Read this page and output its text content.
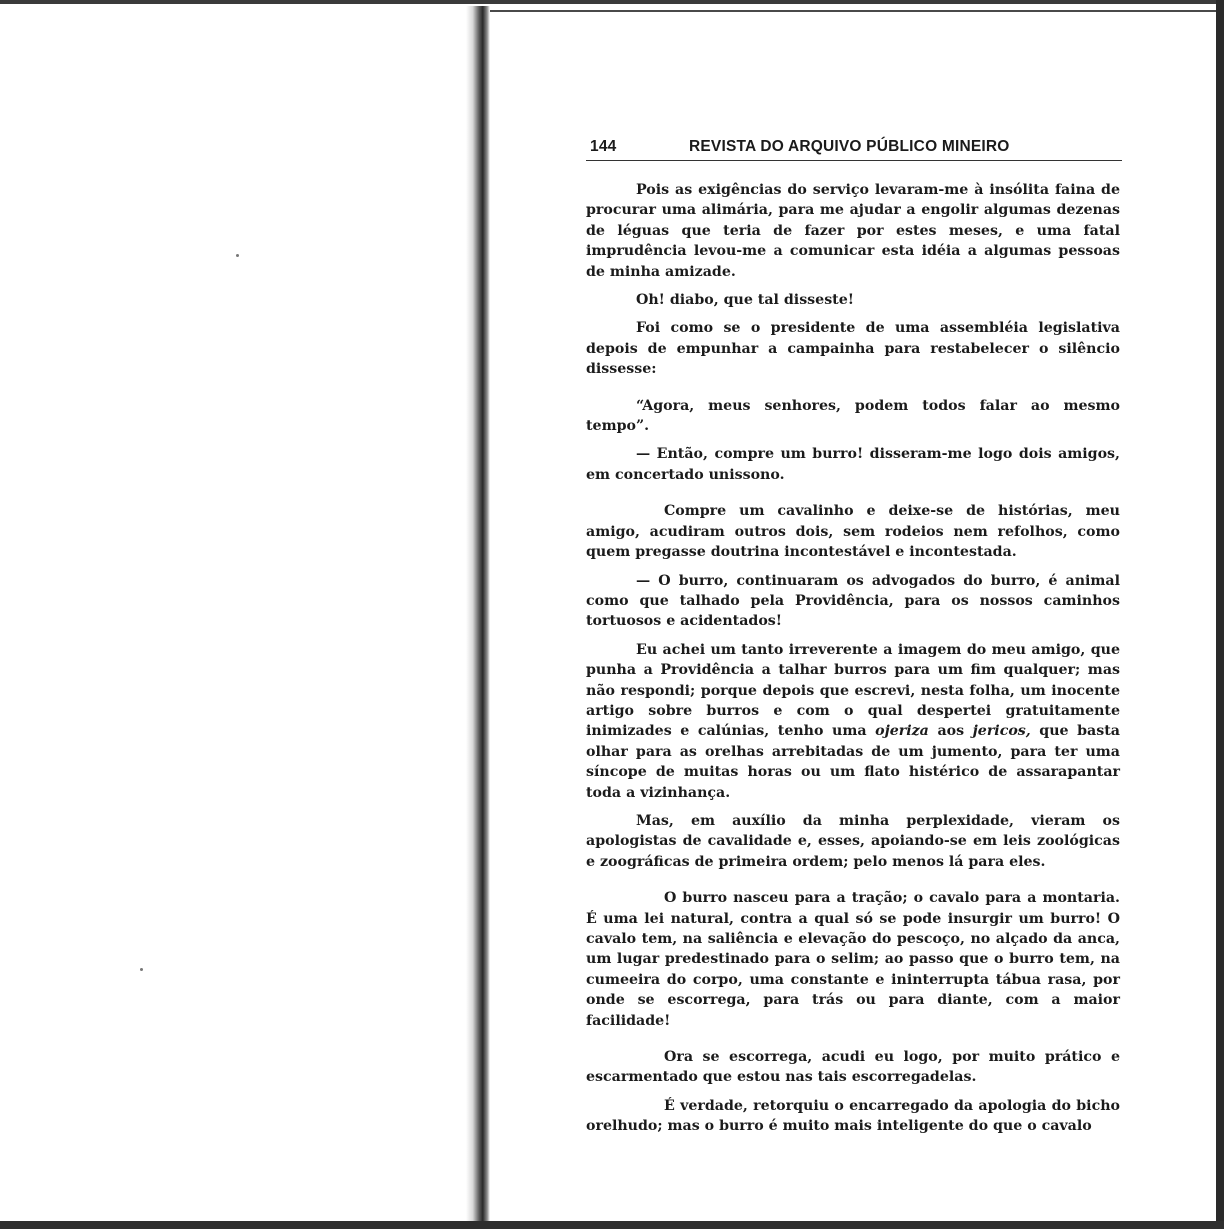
144	REVISTA DO ARQUIVO PÚBLICO MINEIRO

Pois as exigências do serviço levaram-me à insólita faina de procurar uma alimária, para me ajudar a engolir algumas dezenas de léguas que teria de fazer por estes meses, e uma fatal imprudência levou-me a comunicar esta idéia a algumas pessoas de minha amizade.

Oh! diabo, que tal disseste!

Foi como se o presidente de uma assembléia legislativa depois de empunhar a campainha para restabelecer o silêncio dissesse:

“Agora, meus senhores, podem todos falar ao mesmo tempo”.

— Então, compre um burro! disseram-me logo dois amigos, em concertado unissono.

Compre um cavalinho e deixe-se de histórias, meu amigo, acudiram outros dois, sem rodeios nem refolhos, como quem pregasse doutrina incontestável e incontestada.

— O burro, continuaram os advogados do burro, é animal como que talhado pela Providência, para os nossos caminhos tortuosos e acidentados!

Eu achei um tanto irreverente a imagem do meu amigo, que punha a Providência a talhar burros para um fim qualquer; mas não respondi; porque depois que escrevi, nesta folha, um inocente artigo sobre burros e com o qual despertei gratuitamente inimizades e calúnias, tenho uma ojeriza aos jericos, que basta olhar para as orelhas arrebitadas de um jumento, para ter uma síncope de muitas horas ou um flato histérico de assarapantar toda a vizinhança.

Mas, em auxílio da minha perplexidade, vieram os apologistas de cavalidade e, esses, apoiando-se em leis zoológicas e zoográficas de primeira ordem; pelo menos lá para eles.

O burro nasceu para a tração; o cavalo para a montaria. É uma lei natural, contra a qual só se pode insurgir um burro! O cavalo tem, na saliência e elevação do pescoço, no alçado da anca, um lugar predestinado para o selim; ao passo que o burro tem, na cumeeira do corpo, uma constante e ininterrupta tábua rasa, por onde se escorrega, para trás ou para diante, com a maior facilidade!

Ora se escorrega, acudi eu logo, por muito prático e escarmentado que estou nas tais escorregadelas.

É verdade, retorquiu o encarregado da apologia do bicho orelhudo; mas o burro é muito mais inteligente do que o cavalo
